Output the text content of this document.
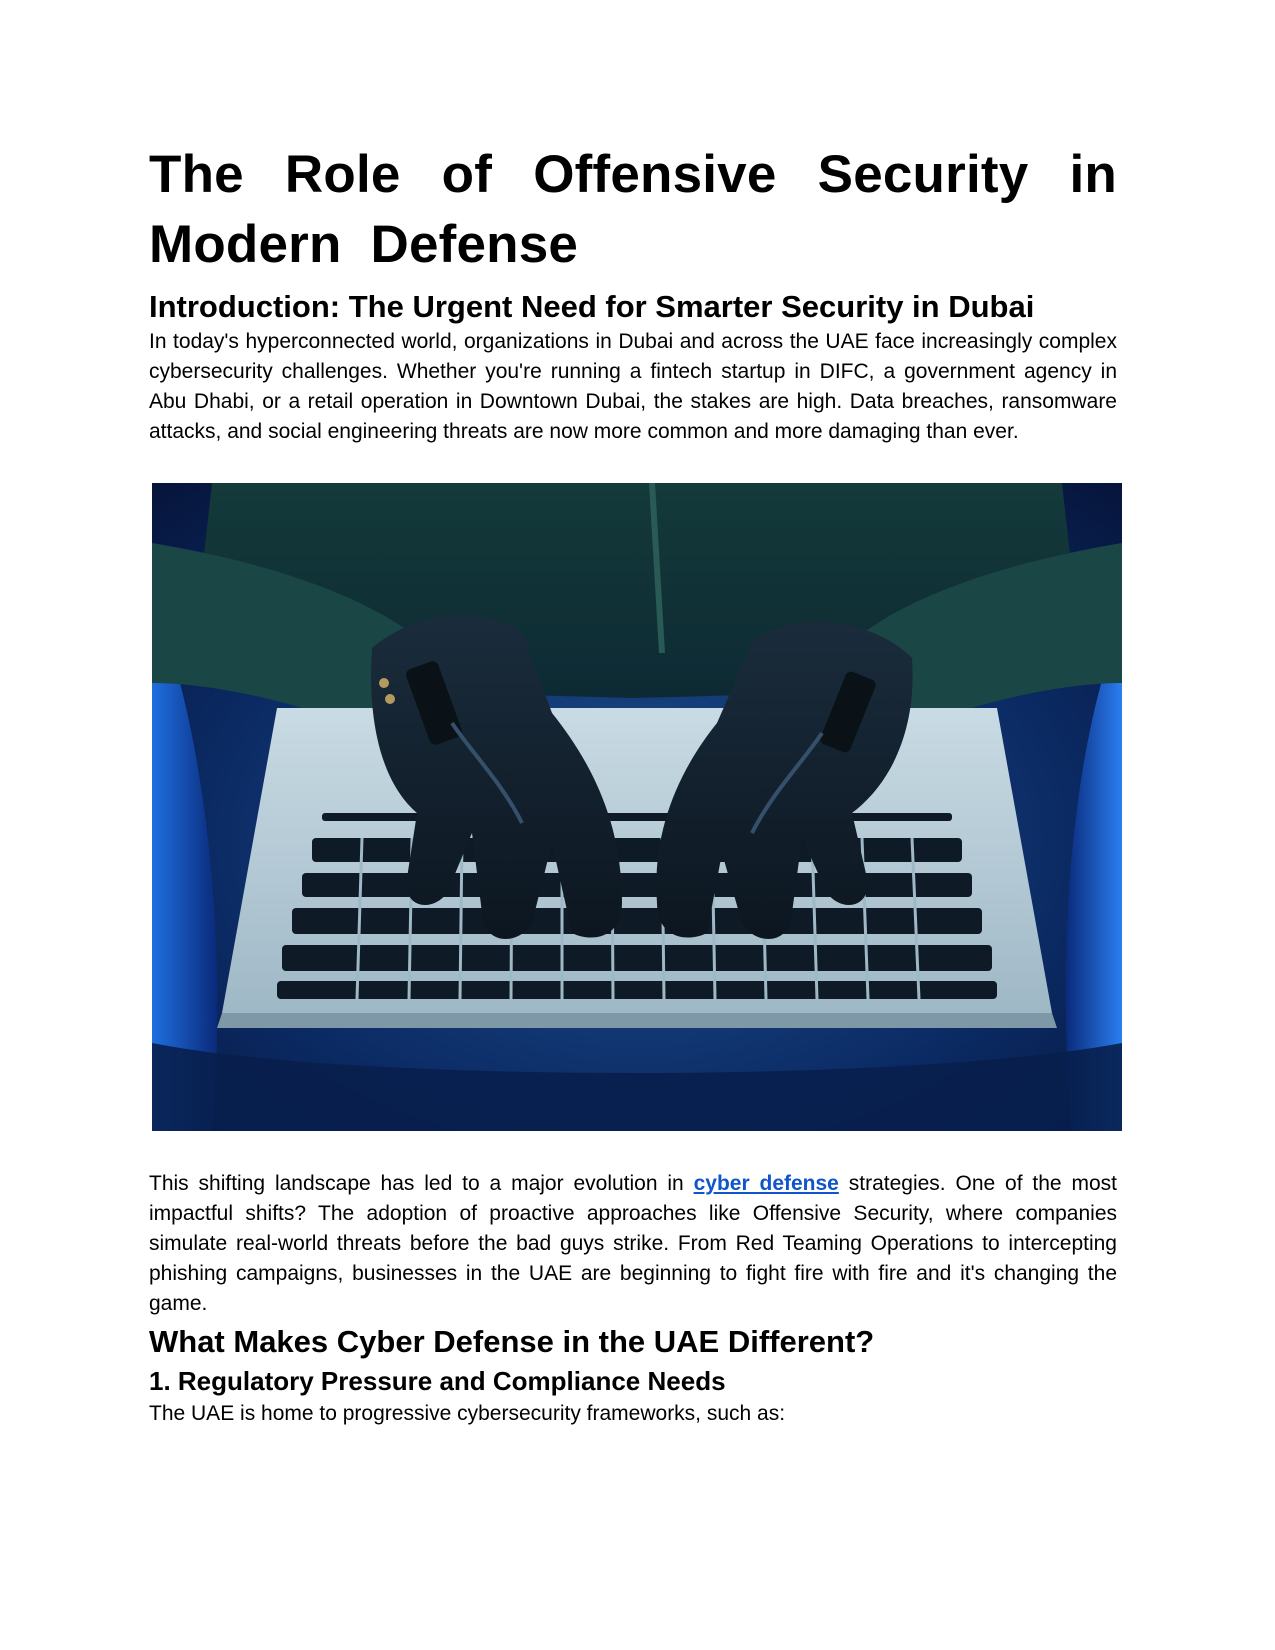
The Role of Offensive Security in Modern Defense
Introduction: The Urgent Need for Smarter Security in Dubai

In today's hyperconnected world, organizations in Dubai and across the UAE face increasingly complex cybersecurity challenges. Whether you're running a fintech startup in DIFC, a government agency in Abu Dhabi, or a retail operation in Downtown Dubai, the stakes are high. Data breaches, ransomware attacks, and social engineering threats are now more common and more damaging than ever.

This shifting landscape has led to a major evolution in cyber defense strategies. One of the most impactful shifts? The adoption of proactive approaches like Offensive Security, where companies simulate real-world threats before the bad guys strike. From Red Teaming Operations to intercepting phishing campaigns, businesses in the UAE are beginning to fight fire with fire and it's changing the game.

What Makes Cyber Defense in the UAE Different?
1. Regulatory Pressure and Compliance Needs

The UAE is home to progressive cybersecurity frameworks, such as:
